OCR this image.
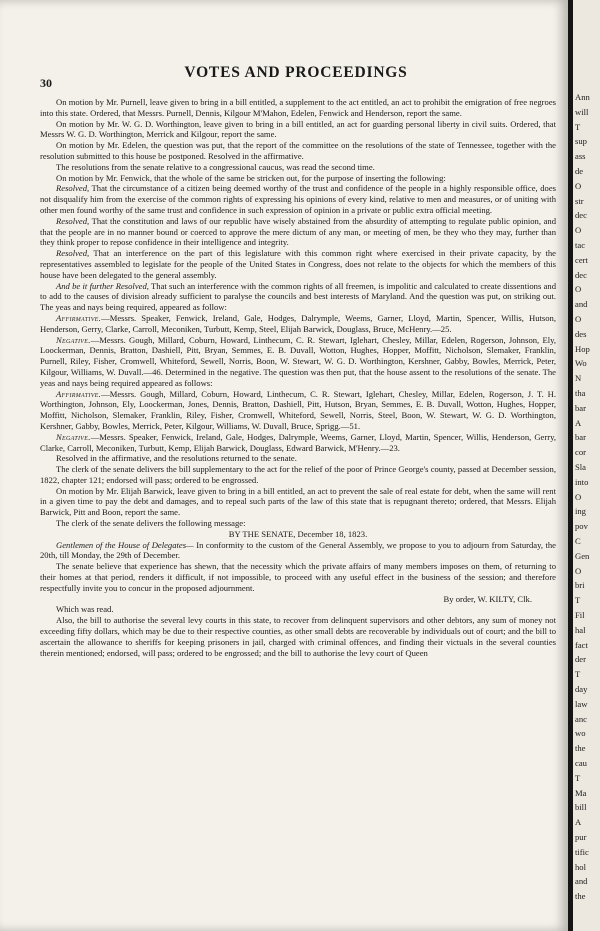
30
VOTES AND PROCEEDINGS

On motion by Mr. Purnell, leave given to bring in a bill entitled, a supplement to the act entitled, an act to prohibit the emigration of free negroes into this state. Ordered, that Messrs. Purnell, Dennis, Kilgour M'Mahon, Edelen, Fenwick and Henderson, report the same.

On motion by Mr. W. G. D. Worthington, leave given to bring in a bill entitled, an act for guarding personal liberty in civil suits. Ordered, that Messrs W. G. D. Worthington, Merrick and Kilgour, report the same.

On motion by Mr. Edelen, the question was put, that the report of the committee on the resolutions of the state of Tennessee, together with the resolution submitted to this house be postponed. Resolved in the affirmative.

The resolutions from the senate relative to a congressional caucus, was read the second time.

On motion by Mr. Fenwick, that the whole of the same be stricken out, for the purpose of inserting the following:

Resolved, That the circumstance of a citizen being deemed worthy of the trust and confidence of the people in a highly responsible office, does not disqualify him from the exercise of the common rights of expressing his opinions of every kind, relative to men and measures, or of uniting with other men found worthy of the same trust and confidence in such expression of opinion in a private or public extra official meeting.

Resolved, That the constitution and laws of our republic have wisely abstained from the absurdity of attempting to regulate public opinion, and that the people are in no manner bound or coerced to approve the mere dictum of any man, or meeting of men, be they who they may, further than they think proper to repose confidence in their intelligence and integrity.

Resolved, That an interference on the part of this legislature with this common right where exercised in their private capacity, by the representatives assembled to legislate for the people of the United States in Congress, does not relate to the objects for which the members of this house have been delegated to the general assembly.

And be it further Resolved, That such an interference with the common rights of all freemen, is impolitic and calculated to create dissentions and to add to the causes of division already sufficient to paralyse the councils and best interests of Maryland. And the question was put, on striking out. The yeas and nays being required, appeared as follow:

Affirmative.—Messrs. Speaker, Fenwick, Ireland, Gale, Hodges, Dalrymple, Weems, Garner, Lloyd, Martin, Spencer, Willis, Hutson, Henderson, Gerry, Clarke, Carroll, Meconiken, Turbutt, Kemp, Steel, Elijah Barwick, Douglass, Bruce, McHenry.—25.

Negative.—Messrs. Gough, Millard, Coburn, Howard, Linthecum, C. R. Stewart, Iglehart, Chesley, Millar, Edelen, Rogerson, Johnson, Ely, Loockerman, Dennis, Bratton, Dashiell, Pitt, Bryan, Semmes, E. B. Duvall, Wotton, Hughes, Hopper, Moffitt, Nicholson, Slemaker, Franklin, Purnell, Riley, Fisher, Cromwell, Whiteford, Sewell, Norris, Boon, W. Stewart, W. G. D. Worthington, Kershner, Gabby, Bowles, Merrick, Peter, Kilgour, Williams, W. Duvall.—46. Determined in the negative. The question was then put, that the house assent to the resolutions of the senate. The yeas and nays being required appeared as follows:

Affirmative.—Messrs. Gough, Millard, Coburn, Howard, Linthecum, C. R. Stewart, Iglehart, Chesley, Millar, Edelen, Rogerson, J. T. H. Worthington, Johnson, Ely, Loockerman, Jones, Dennis, Bratton, Dashiell, Pitt, Hutson, Bryan, Semmes, E. B. Duvall, Wotton, Hughes, Hopper, Moffitt, Nicholson, Slemaker, Franklin, Riley, Fisher, Cromwell, Whiteford, Sewell, Norris, Steel, Boon, W. Stewart, W. G. D. Worthington, Kershner, Gabby, Bowles, Merrick, Peter, Kilgour, Williams, W. Duvall, Bruce, Sprigg.—51.

Negative.—Messrs. Speaker, Fenwick, Ireland, Gale, Hodges, Dalrymple, Weems, Garner, Lloyd, Martin, Spencer, Willis, Henderson, Gerry, Clarke, Carroll, Meconiken, Turbutt, Kemp, Elijah Barwick, Douglass, Edward Barwick, M'Henry.—23.

Resolved in the affirmative, and the resolutions returned to the senate.

The clerk of the senate delivers the bill supplementary to the act for the relief of the poor of Prince George's county, passed at December session, 1822, chapter 121; endorsed will pass; ordered to be engrossed.

On motion by Mr. Elijah Barwick, leave given to bring in a bill entitled, an act to prevent the sale of real estate for debt, when the same will rent in a given time to pay the debt and damages, and to repeal such parts of the law of this state that is repugnant thereto; ordered, that Messrs. Elijah Barwick, Pitt and Boon, report the same.

The clerk of the senate delivers the following message:

BY THE SENATE, December 18, 1823.

Gentlemen of the House of Delegates— In conformity to the custom of the General Assembly, we propose to you to adjourn from Saturday, the 20th, till Monday, the 29th of December.

The senate believe that experience has shewn, that the necessity which the private affairs of many members imposes on them, of returning to their homes at that period, renders it difficult, if not impossible, to proceed with any useful effect in the business of the session; and therefore respectfully invite you to concur in the proposed adjournment.

By order, W. KILTY, Clk.

Which was read.

Also, the bill to authorise the several levy courts in this state, to recover from delinquent supervisors and other debtors, any sum of money not exceeding fifty dollars, which may be due to their respective counties, as other small debts are recoverable by individuals out of court; and the bill to ascertain the allowance to sheriffs for keeping prisoners in jail, charged with criminal offences, and finding their victuals in the several counties therein mentioned; endorsed, will pass; ordered to be engrossed; and the bill to authorise the levy court of Queen

Ann
will
T
sup
ass
de
O
str
dec
O
tac
cert
dec
O
and
O
des
Hop
Wo
N
tha
bar
A
bar
cor
Sla
into
O
ing
pov
C
Gen
O
bri
T
Fil
hal
fact
der
T
day
law
anc
wo
the
cau
T
Ma
bill
A
pur
tific
hol
and
the
